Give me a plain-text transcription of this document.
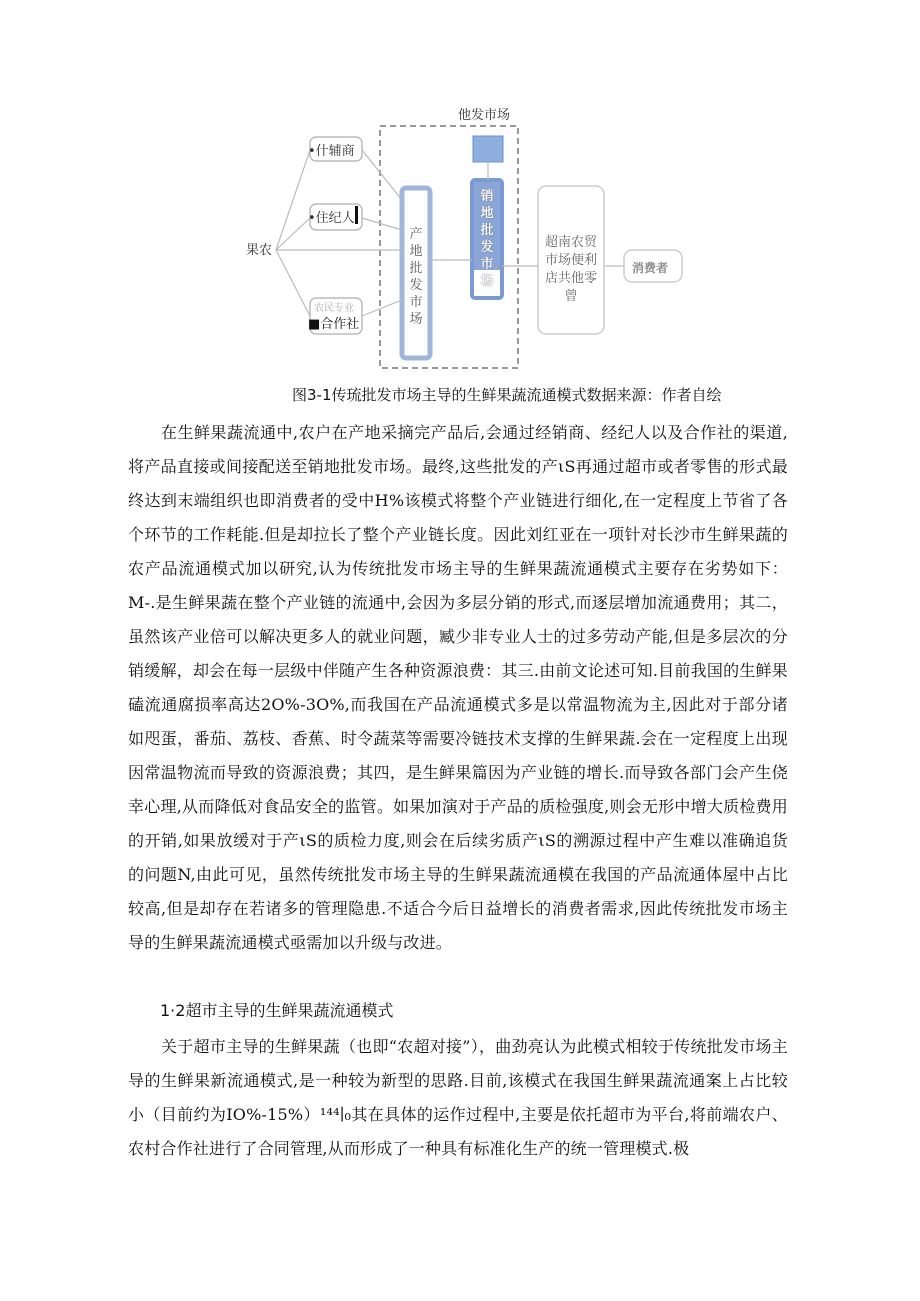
他发市场
•什辅商
•住纪人
农民专业
■合作社
果农
产地批发市场
销地批发市场
超南农贸市场便利店共他零曾
消费者
图3-1传琉批发市场主导的生鲜果蔬流通模式数据来源：作者自绘

在生鲜果蔬流通中,农户在产地采摘完产品后,会通过经销商、经纪人以及合作社的渠道,将产品直接或间接配送至销地批发市场。最终,这些批发的产ιS再通过超市或者零售的形式最终达到末端组织也即消费者的受中H%该模式将整个产业链进行细化,在一定程度上节省了各个环节的工作耗能.但是却拉长了整个产业链长度。因此刘红亚在一项针对长沙市生鲜果蔬的农产品流通模式加以研究,认为传统批发市场主导的生鲜果蔬流通模式主要存在劣势如下：M-.是生鲜果蔬在整个产业链的流通中,会因为多层分销的形式,而逐层增加流通费用；其二，虽然该产业倍可以解决更多人的就业问题，臧少非专业人士的过多劳动产能,但是多层次的分销缓解，却会在每一层级中伴随产生各种资源浪费：其三.由前文论述可知.目前我国的生鲜果磕流通腐损率高达2O%-3O%,而我国在产品流通模式多是以常温物流为主,因此对于部分诸如咫蛋，番茄、荔枝、香蕉、时令蔬菜等需要冷链技术支撑的生鲜果蔬.会在一定程度上出现因常温物流而导致的资源浪费；其四，是生鲜果篇因为产业链的增长.而导致各部门会产生侥幸心理,从而降低对食品安全的监管。如果加演对于产品的质检强度,则会无形中增大质检费用的开销,如果放缓对于产ιS的质检力度,则会在后续劣质产ιS的溯源过程中产生难以准确追货的问题N,由此可见，虽然传统批发市场主导的生鲜果蔬流通模在我国的产品流通体屋中占比较高,但是却存在若诸多的管理隐患.不适合今后日益增长的消费者需求,因此传统批发市场主导的生鲜果蔬流通模式亟需加以升级与改进。

1·2超市主导的生鲜果蔬流通模式

关于超市主导的生鲜果蔬（也即“农超对接”），曲劲亮认为此模式相较于传统批发市场主导的生鲜果新流通模式,是一种较为新型的思路.目前,该模式在我国生鲜果蔬流通案上占比较小（目前约为IO%-15%）¹⁴⁴∣₀其在具体的运作过程中,主要是依托超市为平台,将前端农户、农村合作社进行了合同管理,从而形成了一种具有标准化生产的统一管理模式.极
